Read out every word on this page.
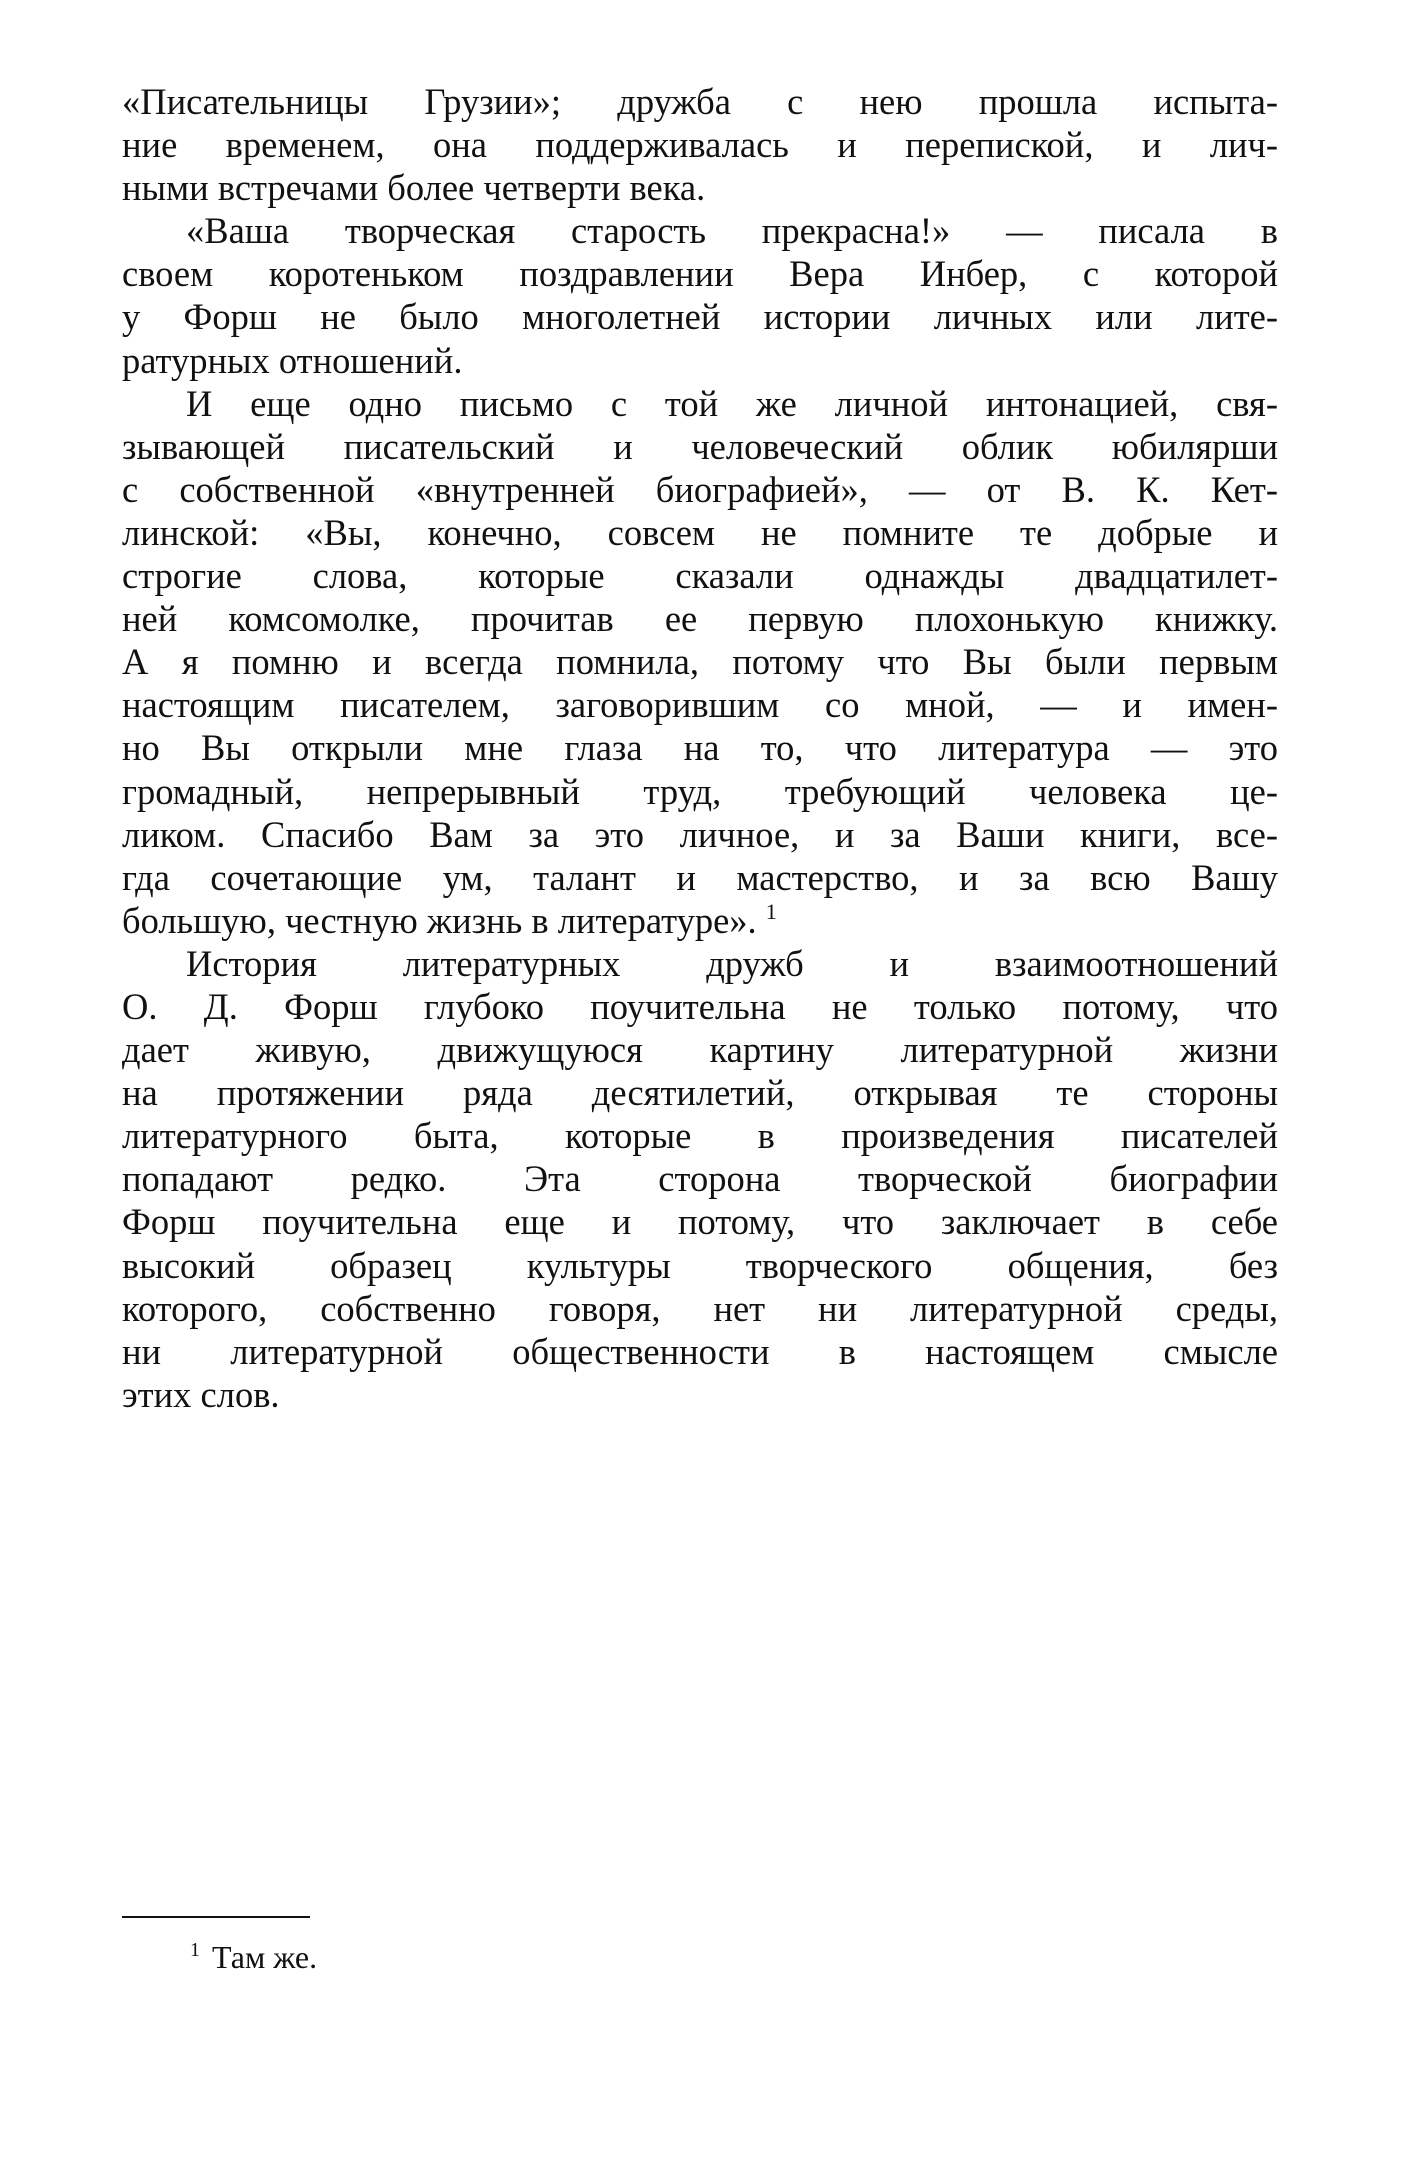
«Писательницы Грузии»; дружба с нею прошла испыта-
ние временем, она поддерживалась и перепиской, и лич-
ными встречами более четверти века.
«Ваша творческая старость прекрасна!» — писала в
своем коротеньком поздравлении Вера Инбер, с которой
у Форш не было многолетней истории личных или лите-
ратурных отношений.
И еще одно письмо с той же личной интонацией, свя-
зывающей писательский и человеческий облик юбилярши
с собственной «внутренней биографией», — от В. К. Кет-
линской: «Вы, конечно, совсем не помните те добрые и
строгие слова, которые сказали однажды двадцатилет-
ней комсомолке, прочитав ее первую плохонькую книжку.
А я помню и всегда помнила, потому что Вы были первым
настоящим писателем, заговорившим со мной, — и имен-
но Вы открыли мне глаза на то, что литература — это
громадный, непрерывный труд, требующий человека це-
ликом. Спасибо Вам за это личное, и за Ваши книги, все-
гда сочетающие ум, талант и мастерство, и за всю Вашу
большую, честную жизнь в литературе». $^1$
История литературных дружб и взаимоотношений
О. Д. Форш глубоко поучительна не только потому, что
дает живую, движущуюся картину литературной жизни
на протяжении ряда десятилетий, открывая те стороны
литературного быта, которые в произведения писателей
попадают редко. Эта сторона творческой биографии
Форш поучительна еще и потому, что заключает в себе
высокий образец культуры творческого общения, без
которого, собственно говоря, нет ни литературной среды,
ни литературной общественности в настоящем смысле
этих слов.
$^1$ Там же.
